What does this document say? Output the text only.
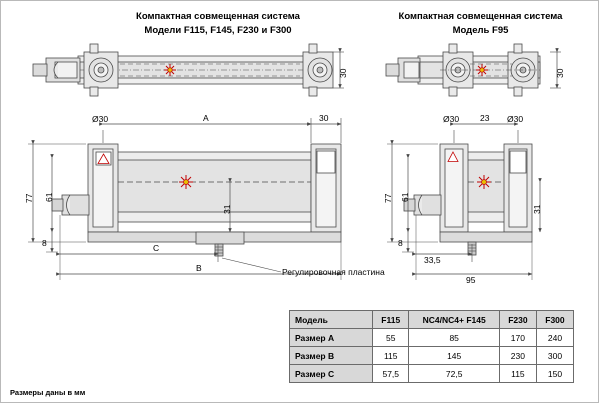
Компактная совмещенная система
Модели F115, F145, F230 и F300
Компактная совмещенная система
Модель F95
30
Ø30	A	30
77 61
31
8	C
B	Регулировочная пластина
30
Ø30 23 Ø30
77 61
31
8
33,5
95
Модель	F115	NC4/NC4+ F145	F230	F300
Размер A	55	85	170	240
Размер B	115	145	230	300
Размер C	57,5	72,5	115	150
Размеры даны в мм
